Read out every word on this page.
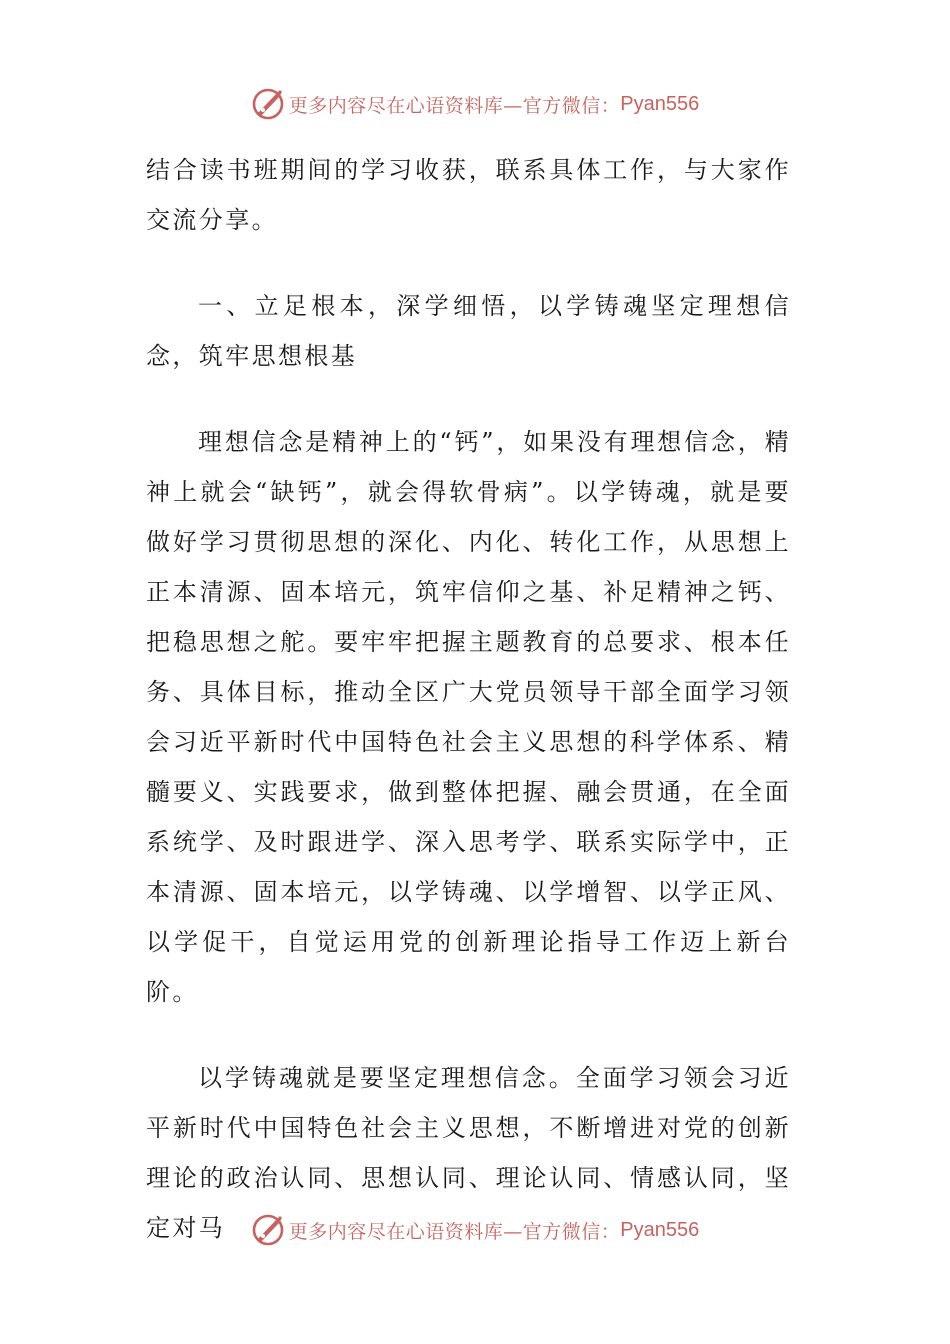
更多内容尽在心语资料库—官方微信： Pyan556

结合读书班期间的学习收获，联系具体工作，与大家作交流分享。

一、立足根本，深学细悟，以学铸魂坚定理想信念，筑牢思想根基

理想信念是精神上的“钙”，如果没有理想信念，精神上就会“缺钙”，就会得软骨病”。以学铸魂，就是要做好学习贯彻思想的深化、内化、转化工作，从思想上正本清源、固本培元，筑牢信仰之基、补足精神之钙、把稳思想之舵。要牢牢把握主题教育的总要求、根本任务、具体目标，推动全区广大党员领导干部全面学习领会习近平新时代中国特色社会主义思想的科学体系、精髓要义、实践要求，做到整体把握、融会贯通，在全面系统学、及时跟进学、深入思考学、联系实际学中，正本清源、固本培元，以学铸魂、以学增智、以学正风、以学促干，自觉运用党的创新理论指导工作迈上新台阶。

以学铸魂就是要坚定理想信念。全面学习领会习近平新时代中国特色社会主义思想，不断增进对党的创新理论的政治认同、思想认同、理论认同、情感认同，坚定对马	更多内容尽在心语资料库—官方微信： Pyan556
